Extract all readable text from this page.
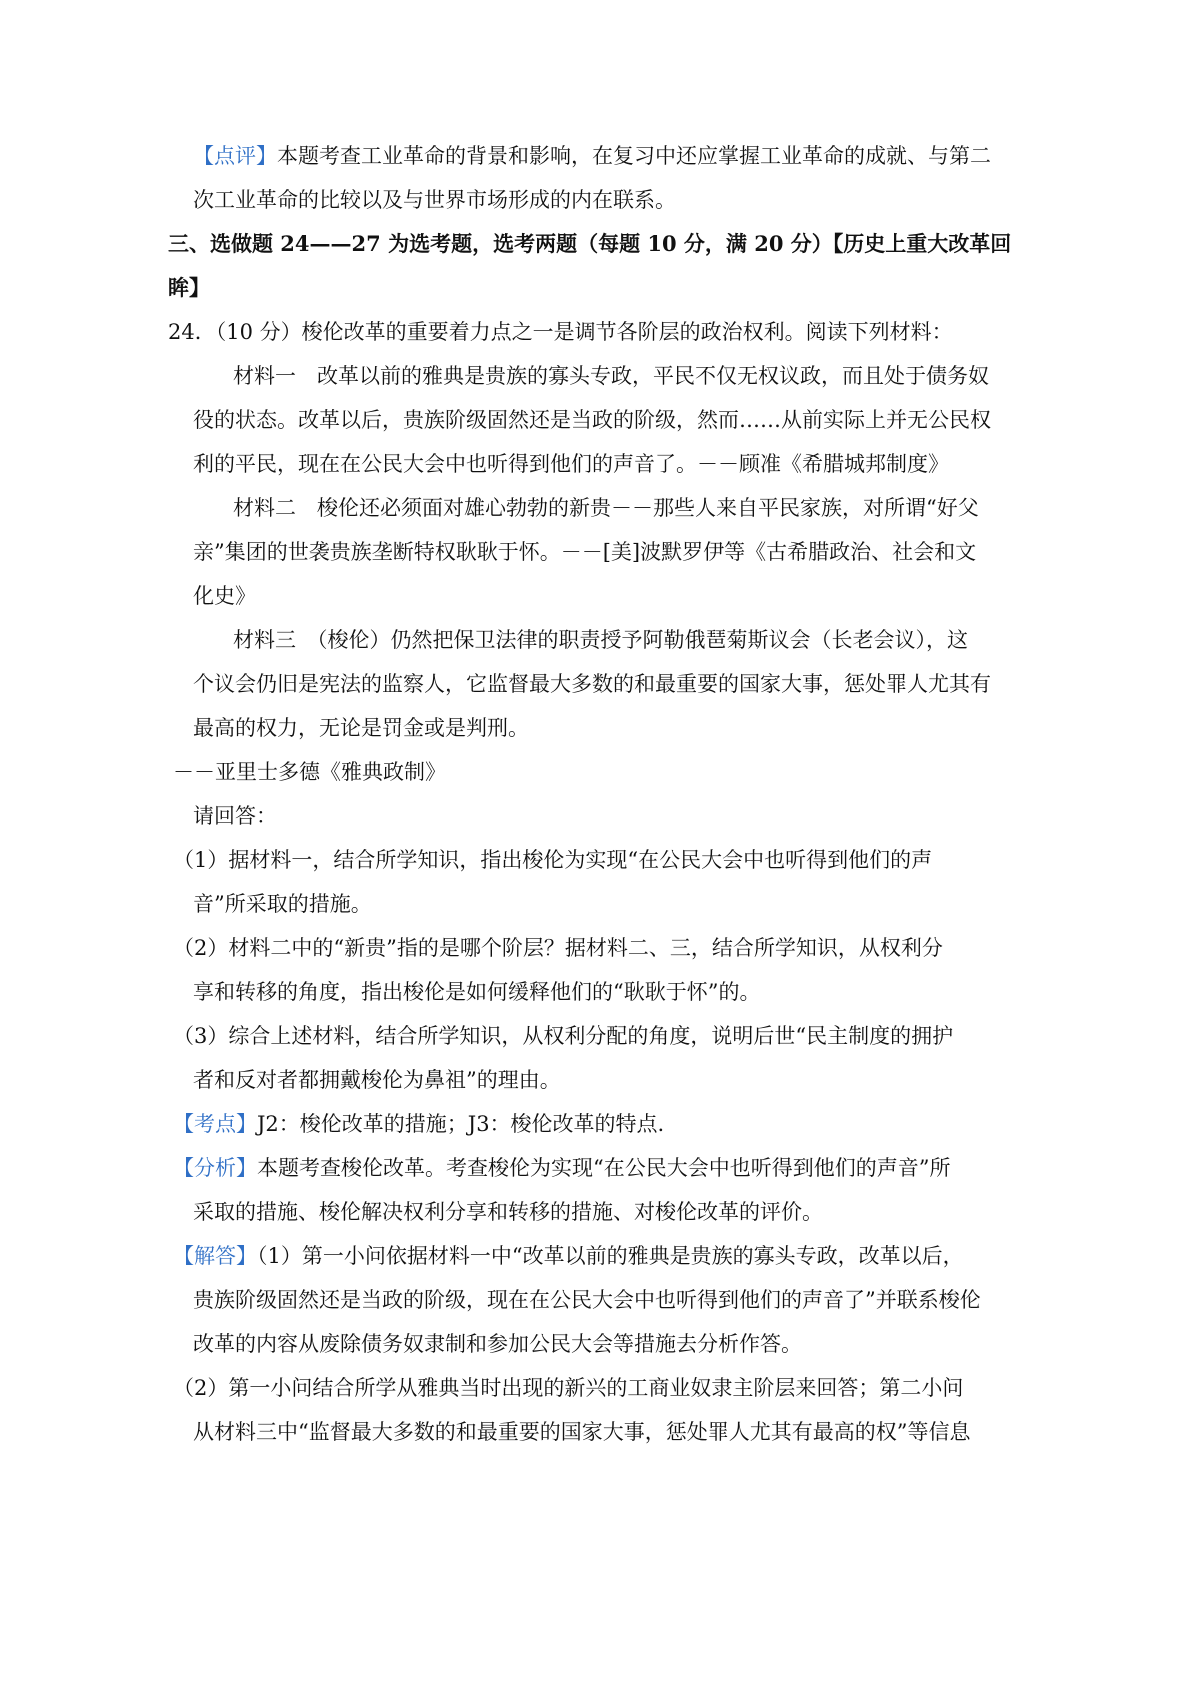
【点评】本题考查工业革命的背景和影响，在复习中还应掌握工业革命的成就、与第二
次工业革命的比较以及与世界市场形成的内在联系。
三、选做题 24——27 为选考题，选考两题（每题 10 分，满 20 分）【历史上重大改革回
眸】
24．（10 分）梭伦改革的重要着力点之一是调节各阶层的政治权利。阅读下列材料：
材料一　改革以前的雅典是贵族的寡头专政，平民不仅无权议政，而且处于债务奴
役的状态。改革以后，贵族阶级固然还是当政的阶级，然而……从前实际上并无公民权
利的平民，现在在公民大会中也听得到他们的声音了。－－顾准《希腊城邦制度》
材料二　梭伦还必须面对雄心勃勃的新贵－－那些人来自平民家族，对所谓“好父
亲”集团的世袭贵族垄断特权耿耿于怀。－－[美]波默罗伊等《古希腊政治、社会和文
化史》
材料三　（梭伦）仍然把保卫法律的职责授予阿勒俄琶菊斯议会（长老会议），这
个议会仍旧是宪法的监察人，它监督最大多数的和最重要的国家大事，惩处罪人尤其有
最高的权力，无论是罚金或是判刑。
－－亚里士多德《雅典政制》
请回答：
（1）据材料一，结合所学知识，指出梭伦为实现“在公民大会中也听得到他们的声
音”所采取的措施。
（2）材料二中的“新贵”指的是哪个阶层？据材料二、三，结合所学知识，从权利分
享和转移的角度，指出梭伦是如何缓释他们的“耿耿于怀”的。
（3）综合上述材料，结合所学知识，从权利分配的角度，说明后世“民主制度的拥护
者和反对者都拥戴梭伦为鼻祖”的理由。
【考点】J2：梭伦改革的措施；J3：梭伦改革的特点.
【分析】本题考查梭伦改革。考查梭伦为实现“在公民大会中也听得到他们的声音”所
采取的措施、梭伦解决权利分享和转移的措施、对梭伦改革的评价。
【解答】（1）第一小问依据材料一中“改革以前的雅典是贵族的寡头专政，改革以后，
贵族阶级固然还是当政的阶级，现在在公民大会中也听得到他们的声音了”并联系梭伦
改革的内容从废除债务奴隶制和参加公民大会等措施去分析作答。
（2）第一小问结合所学从雅典当时出现的新兴的工商业奴隶主阶层来回答；第二小问
从材料三中“监督最大多数的和最重要的国家大事，惩处罪人尤其有最高的权”等信息
